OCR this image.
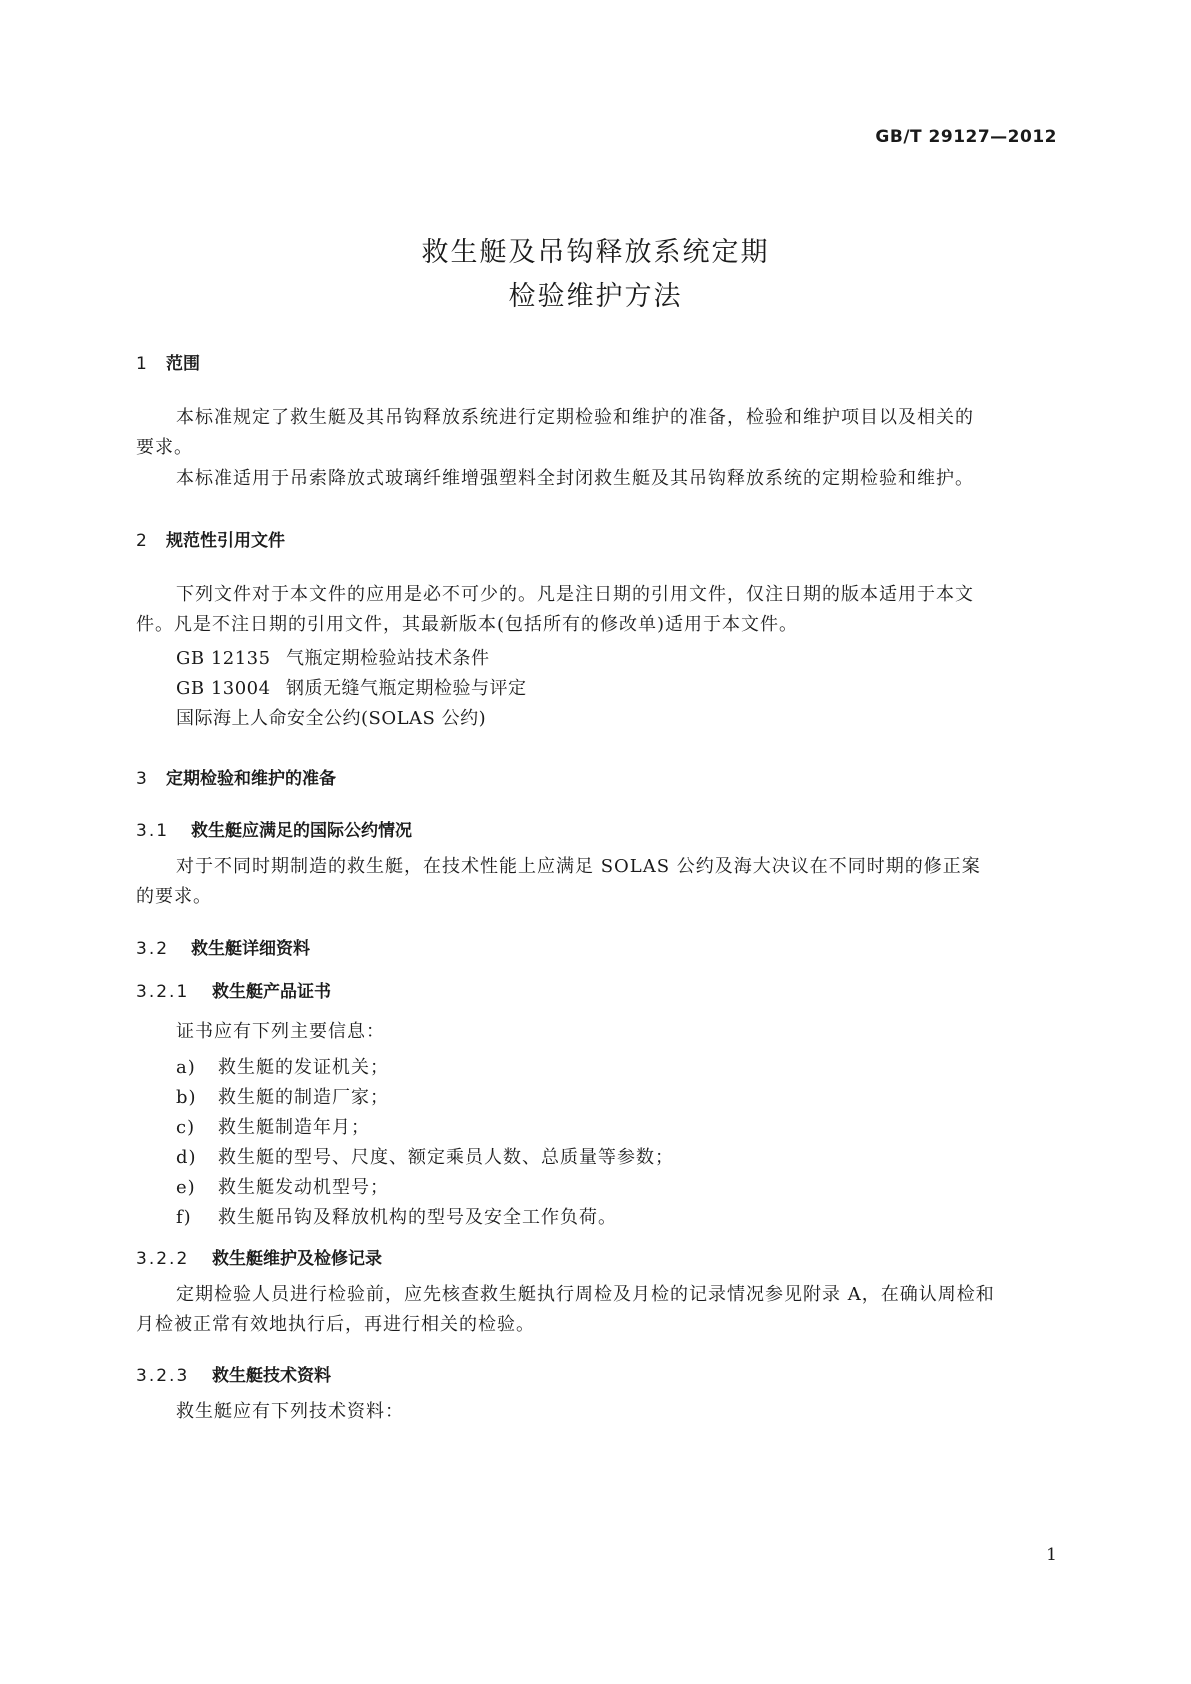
GB/T 29127—2012
救生艇及吊钩释放系统定期
检验维护方法
1 范围
本标准规定了救生艇及其吊钩释放系统进行定期检验和维护的准备，检验和维护项目以及相关的
要求。
本标准适用于吊索降放式玻璃纤维增强塑料全封闭救生艇及其吊钩释放系统的定期检验和维护。
2 规范性引用文件
下列文件对于本文件的应用是必不可少的。凡是注日期的引用文件，仅注日期的版本适用于本文
件。凡是不注日期的引用文件，其最新版本(包括所有的修改单)适用于本文件。
GB 12135 气瓶定期检验站技术条件
GB 13004 钢质无缝气瓶定期检验与评定
国际海上人命安全公约(SOLAS 公约)
3 定期检验和维护的准备
3.1 救生艇应满足的国际公约情况
对于不同时期制造的救生艇，在技术性能上应满足 SOLAS 公约及海大决议在不同时期的修正案
的要求。
3.2 救生艇详细资料
3.2.1 救生艇产品证书
证书应有下列主要信息：
a) 救生艇的发证机关；
b) 救生艇的制造厂家；
c) 救生艇制造年月；
d) 救生艇的型号、尺度、额定乘员人数、总质量等参数；
e) 救生艇发动机型号；
f) 救生艇吊钩及释放机构的型号及安全工作负荷。
3.2.2 救生艇维护及检修记录
定期检验人员进行检验前，应先核查救生艇执行周检及月检的记录情况参见附录 A，在确认周检和
月检被正常有效地执行后，再进行相关的检验。
3.2.3 救生艇技术资料
救生艇应有下列技术资料：
1
